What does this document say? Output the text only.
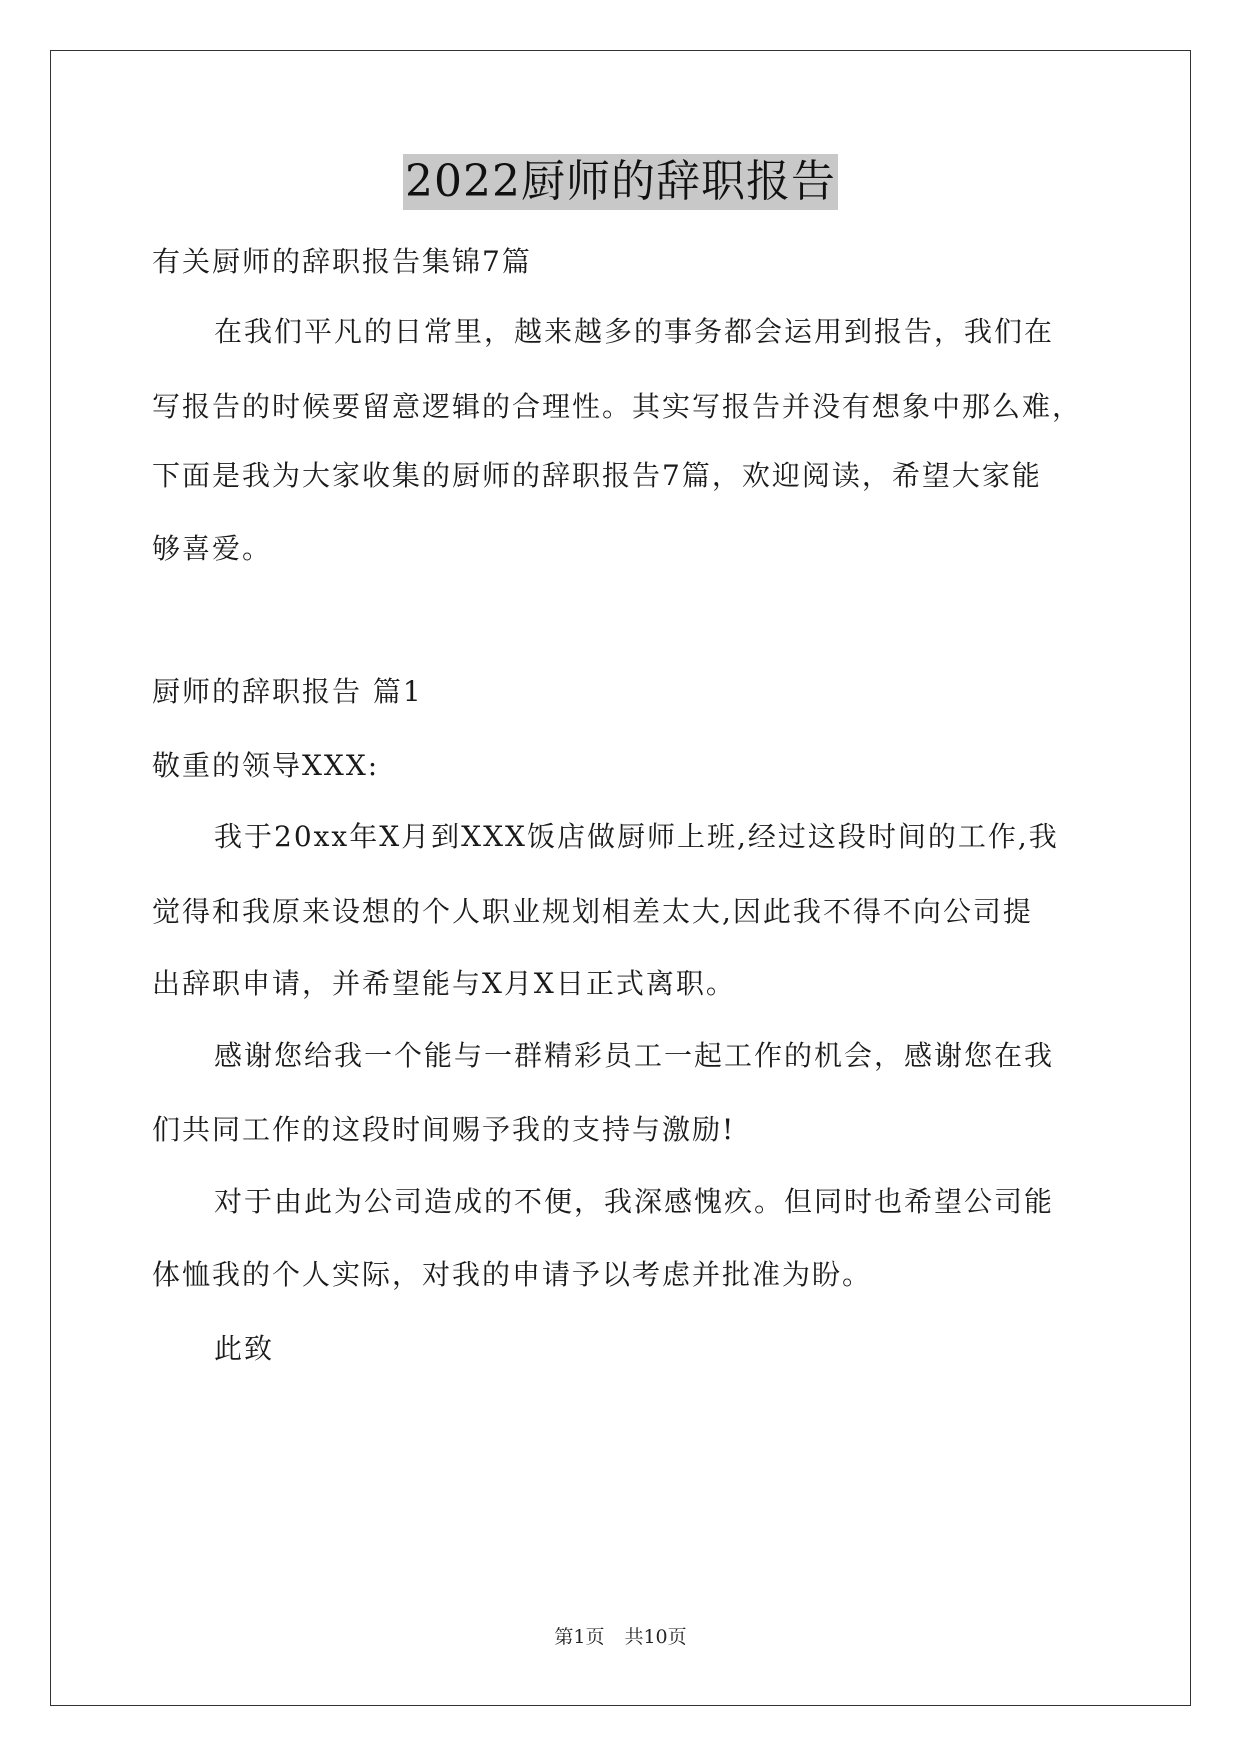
2022厨师的辞职报告
有关厨师的辞职报告集锦7篇
在我们平凡的日常里，越来越多的事务都会运用到报告，我们在
写报告的时候要留意逻辑的合理性。其实写报告并没有想象中那么难，
下面是我为大家收集的厨师的辞职报告7篇，欢迎阅读，希望大家能
够喜爱。
厨师的辞职报告 篇1
敬重的领导XXX:
我于20xx年X月到XXX饭店做厨师上班,经过这段时间的工作,我
觉得和我原来设想的个人职业规划相差太大,因此我不得不向公司提
出辞职申请，并希望能与X月X日正式离职。
感谢您给我一个能与一群精彩员工一起工作的机会，感谢您在我
们共同工作的这段时间赐予我的支持与激励!
对于由此为公司造成的不便，我深感愧疚。但同时也希望公司能
体恤我的个人实际，对我的申请予以考虑并批准为盼。
此致
第1页 共10页
